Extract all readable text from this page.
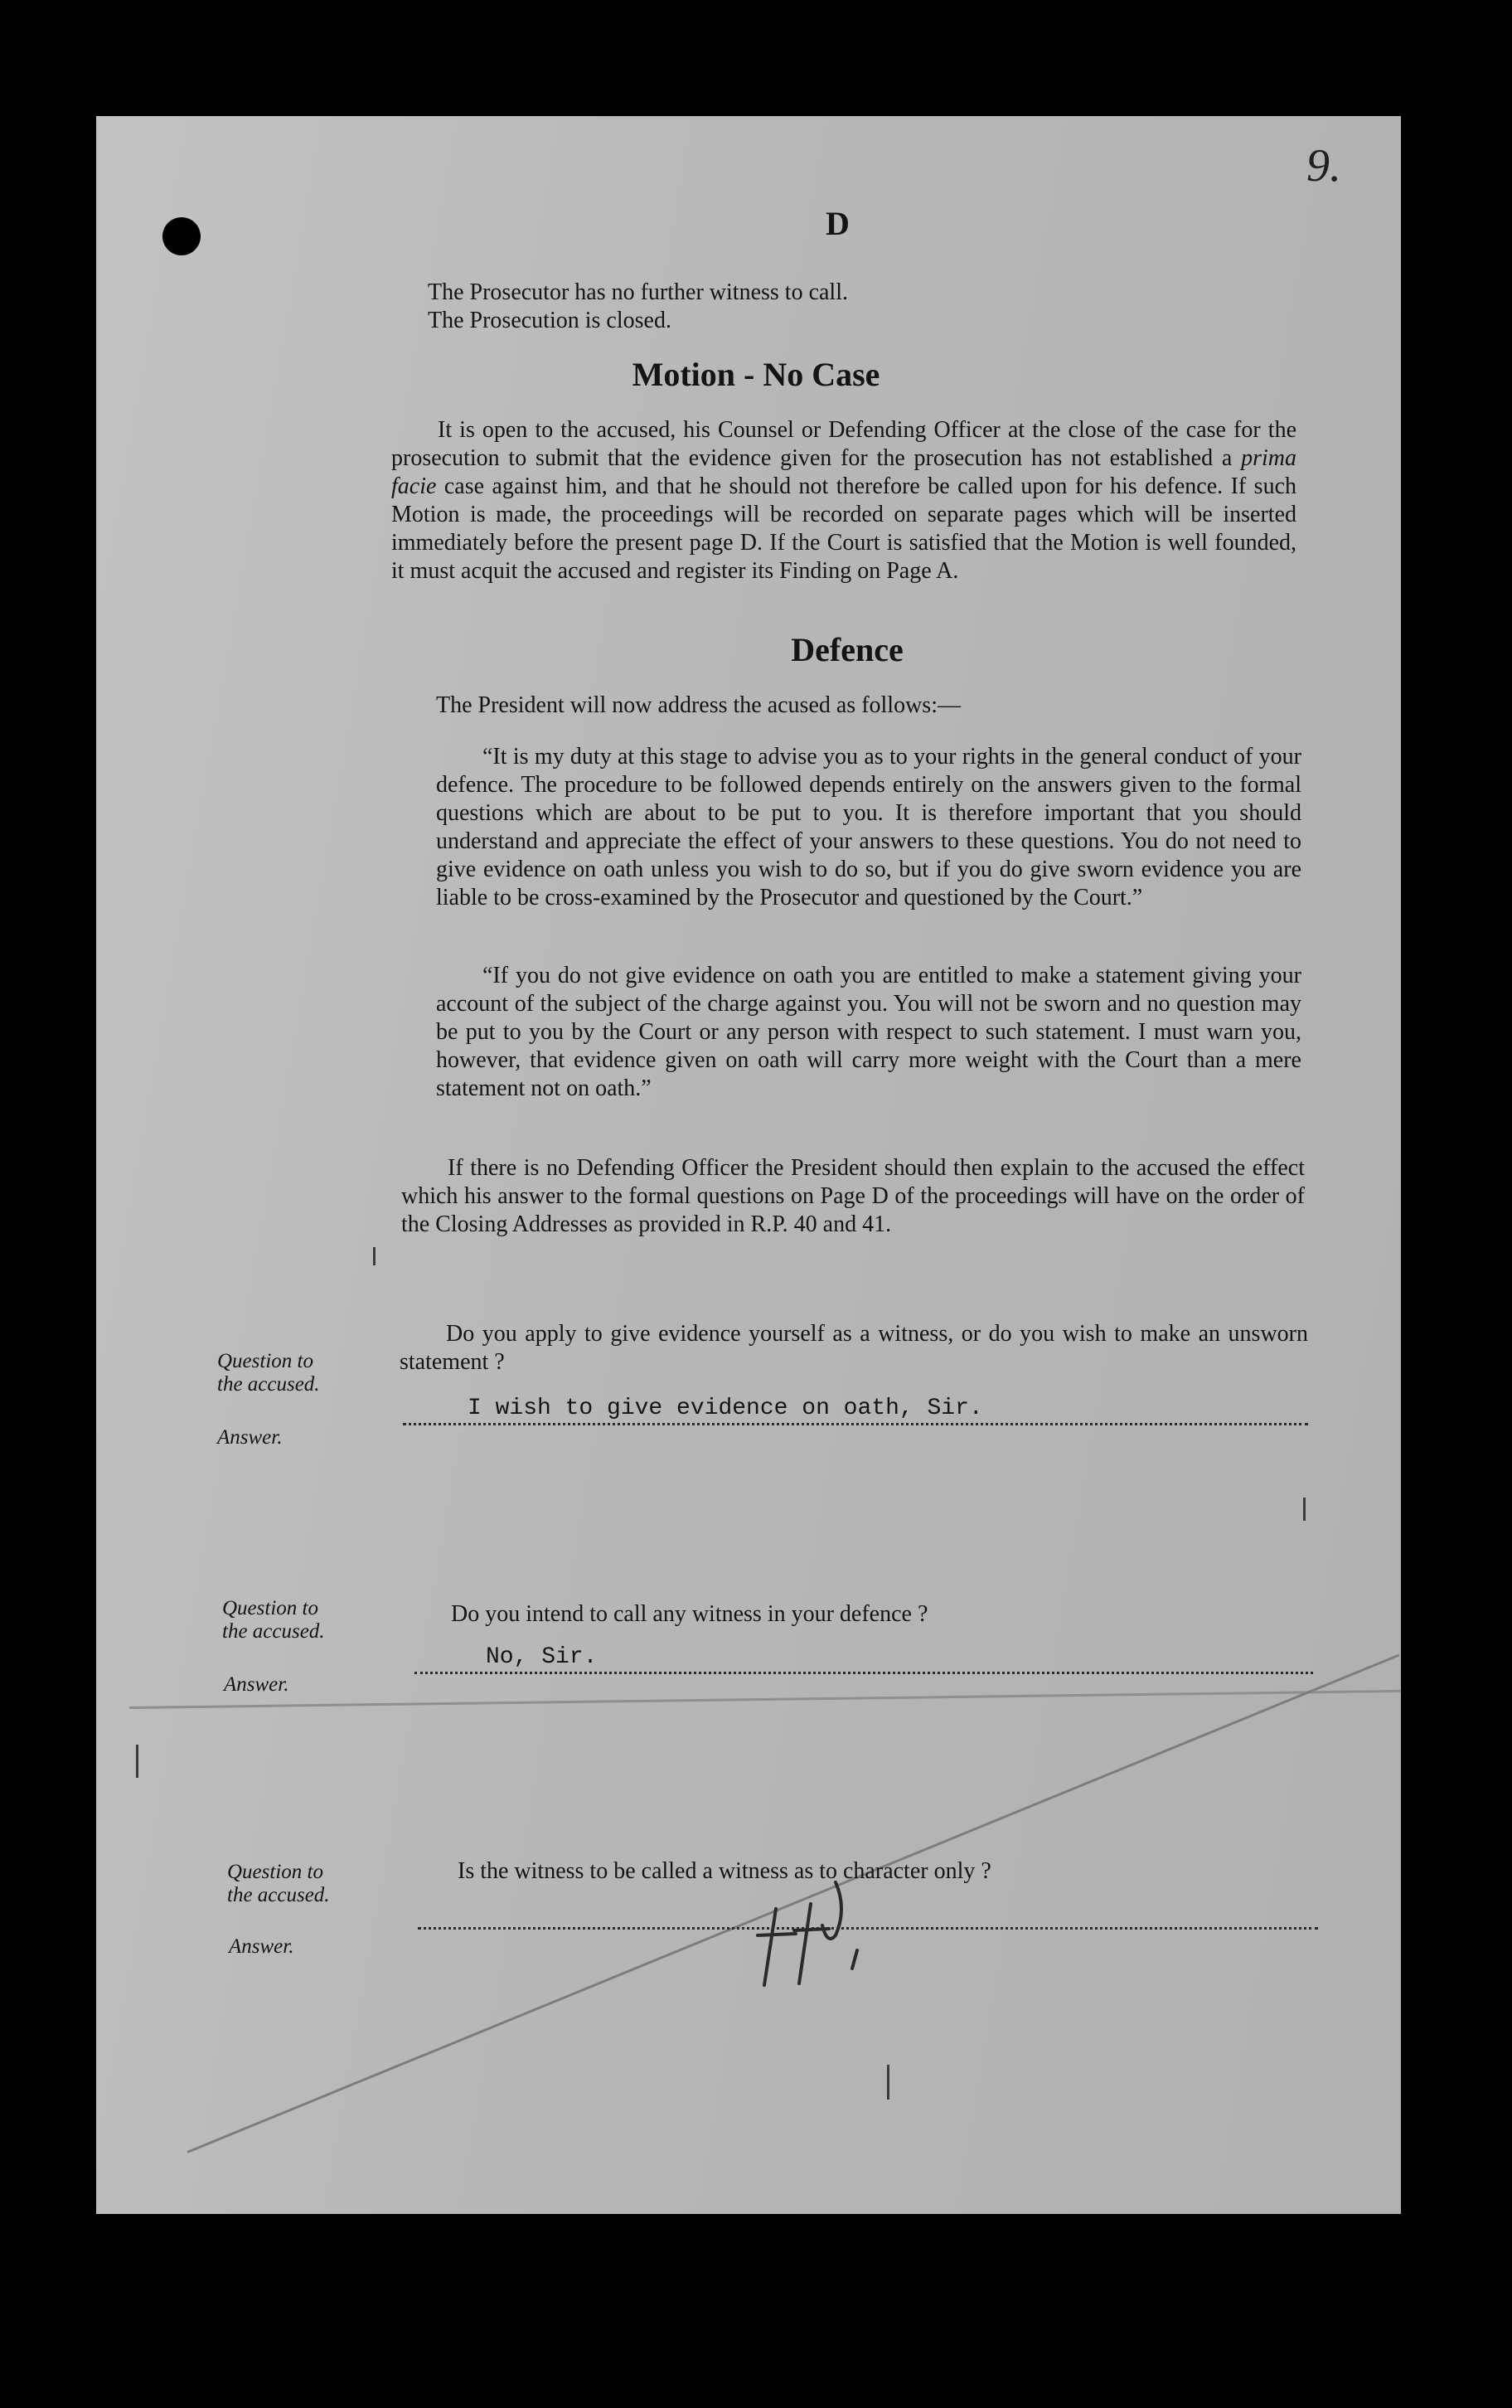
9.
D
The Prosecutor has no further witness to call.
The Prosecution is closed.
Motion - No Case
It is open to the accused, his Counsel or Defending Officer at the close of the case for the prosecution to submit that the evidence given for the prosecution has not established a prima facie case against him, and that he should not therefore be called upon for his defence. If such Motion is made, the proceedings will be recorded on separate pages which will be inserted immediately before the present page D. If the Court is satisfied that the Motion is well founded, it must acquit the accused and register its Finding on Page A.
Defence
The President will now address the acused as follows:—
“It is my duty at this stage to advise you as to your rights in the general conduct of your defence. The procedure to be followed depends entirely on the answers given to the formal questions which are about to be put to you. It is therefore important that you should understand and appreciate the effect of your answers to these questions. You do not need to give evidence on oath unless you wish to do so, but if you do give sworn evidence you are liable to be cross-examined by the Prosecutor and questioned by the Court.”
“If you do not give evidence on oath you are entitled to make a statement giving your account of the subject of the charge against you. You will not be sworn and no question may be put to you by the Court or any person with respect to such statement. I must warn you, however, that evidence given on oath will carry more weight with the Court than a mere statement not on oath.”
If there is no Defending Officer the President should then explain to the accused the effect which his answer to the formal questions on Page D of the proceedings will have on the order of the Closing Addresses as provided in R.P. 40 and 41.
Question to
the accused.
Do you apply to give evidence yourself as a witness, or do you wish to make an unsworn statement ?
Answer.
I wish to give evidence on oath, Sir.
Question to
the accused.
Do you intend to call any witness in your defence ?
Answer.
No, Sir.
Question to
the accused.
Is the witness to be called a witness as to character only ?
Answer.
